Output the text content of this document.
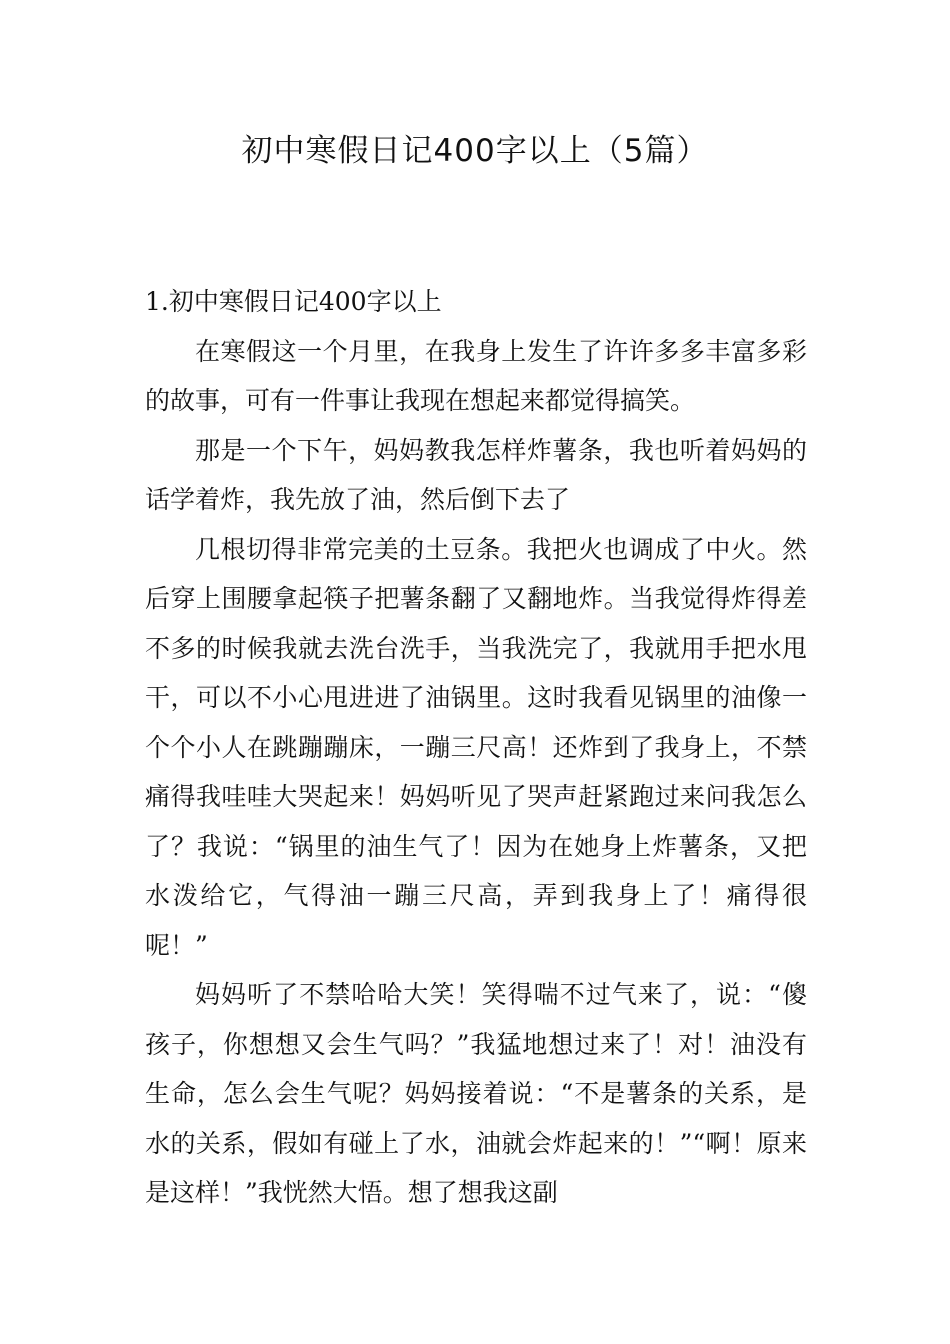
初中寒假日记400字以上（5篇）

1.初中寒假日记400字以上

在寒假这一个月里，在我身上发生了许许多多丰富多彩的故事，可有一件事让我现在想起来都觉得搞笑。

那是一个下午，妈妈教我怎样炸薯条，我也听着妈妈的话学着炸，我先放了油，然后倒下去了

几根切得非常完美的土豆条。我把火也调成了中火。然后穿上围腰拿起筷子把薯条翻了又翻地炸。当我觉得炸得差不多的时候我就去洗台洗手，当我洗完了，我就用手把水甩干，可以不小心甩进进了油锅里。这时我看见锅里的油像一个个小人在跳蹦蹦床，一蹦三尺高！还炸到了我身上，不禁痛得我哇哇大哭起来！妈妈听见了哭声赶紧跑过来问我怎么了？我说：“锅里的油生气了！因为在她身上炸薯条，又把水泼给它，气得油一蹦三尺高，弄到我身上了！痛得很呢！”

妈妈听了不禁哈哈大笑！笑得喘不过气来了，说：“傻孩子，你想想又会生气吗？”我猛地想过来了！对！油没有生命，怎么会生气呢？妈妈接着说：“不是薯条的关系，是水的关系，假如有碰上了水，油就会炸起来的！”“啊！原来是这样！”我恍然大悟。想了想我这副
